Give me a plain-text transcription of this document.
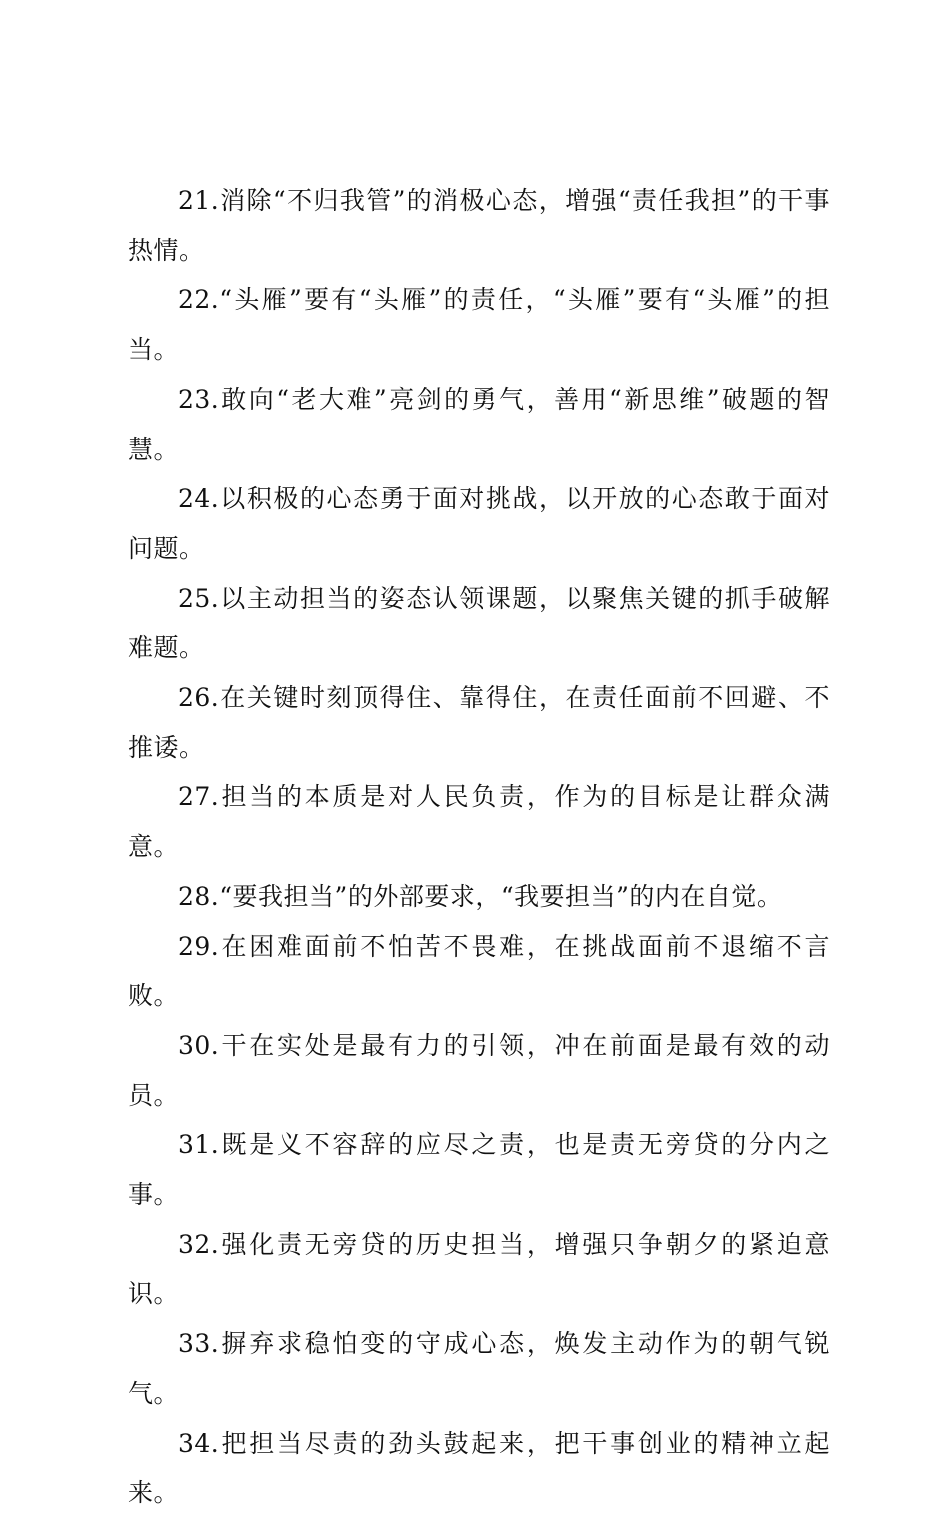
21.消除“不归我管”的消极心态，增强“责任我担”的干事热情。

22.“头雁”要有“头雁”的责任，“头雁”要有“头雁”的担当。

23.敢向“老大难”亮剑的勇气，善用“新思维”破题的智慧。

24.以积极的心态勇于面对挑战，以开放的心态敢于面对问题。

25.以主动担当的姿态认领课题，以聚焦关键的抓手破解难题。

26.在关键时刻顶得住、靠得住，在责任面前不回避、不推诿。

27.担当的本质是对人民负责，作为的目标是让群众满意。

28.“要我担当”的外部要求，“我要担当”的内在自觉。

29.在困难面前不怕苦不畏难，在挑战面前不退缩不言败。

30.干在实处是最有力的引领，冲在前面是最有效的动员。

31.既是义不容辞的应尽之责，也是责无旁贷的分内之事。

32.强化责无旁贷的历史担当，增强只争朝夕的紧迫意识。

33.摒弃求稳怕变的守成心态，焕发主动作为的朝气锐气。

34.把担当尽责的劲头鼓起来，把干事创业的精神立起来。
